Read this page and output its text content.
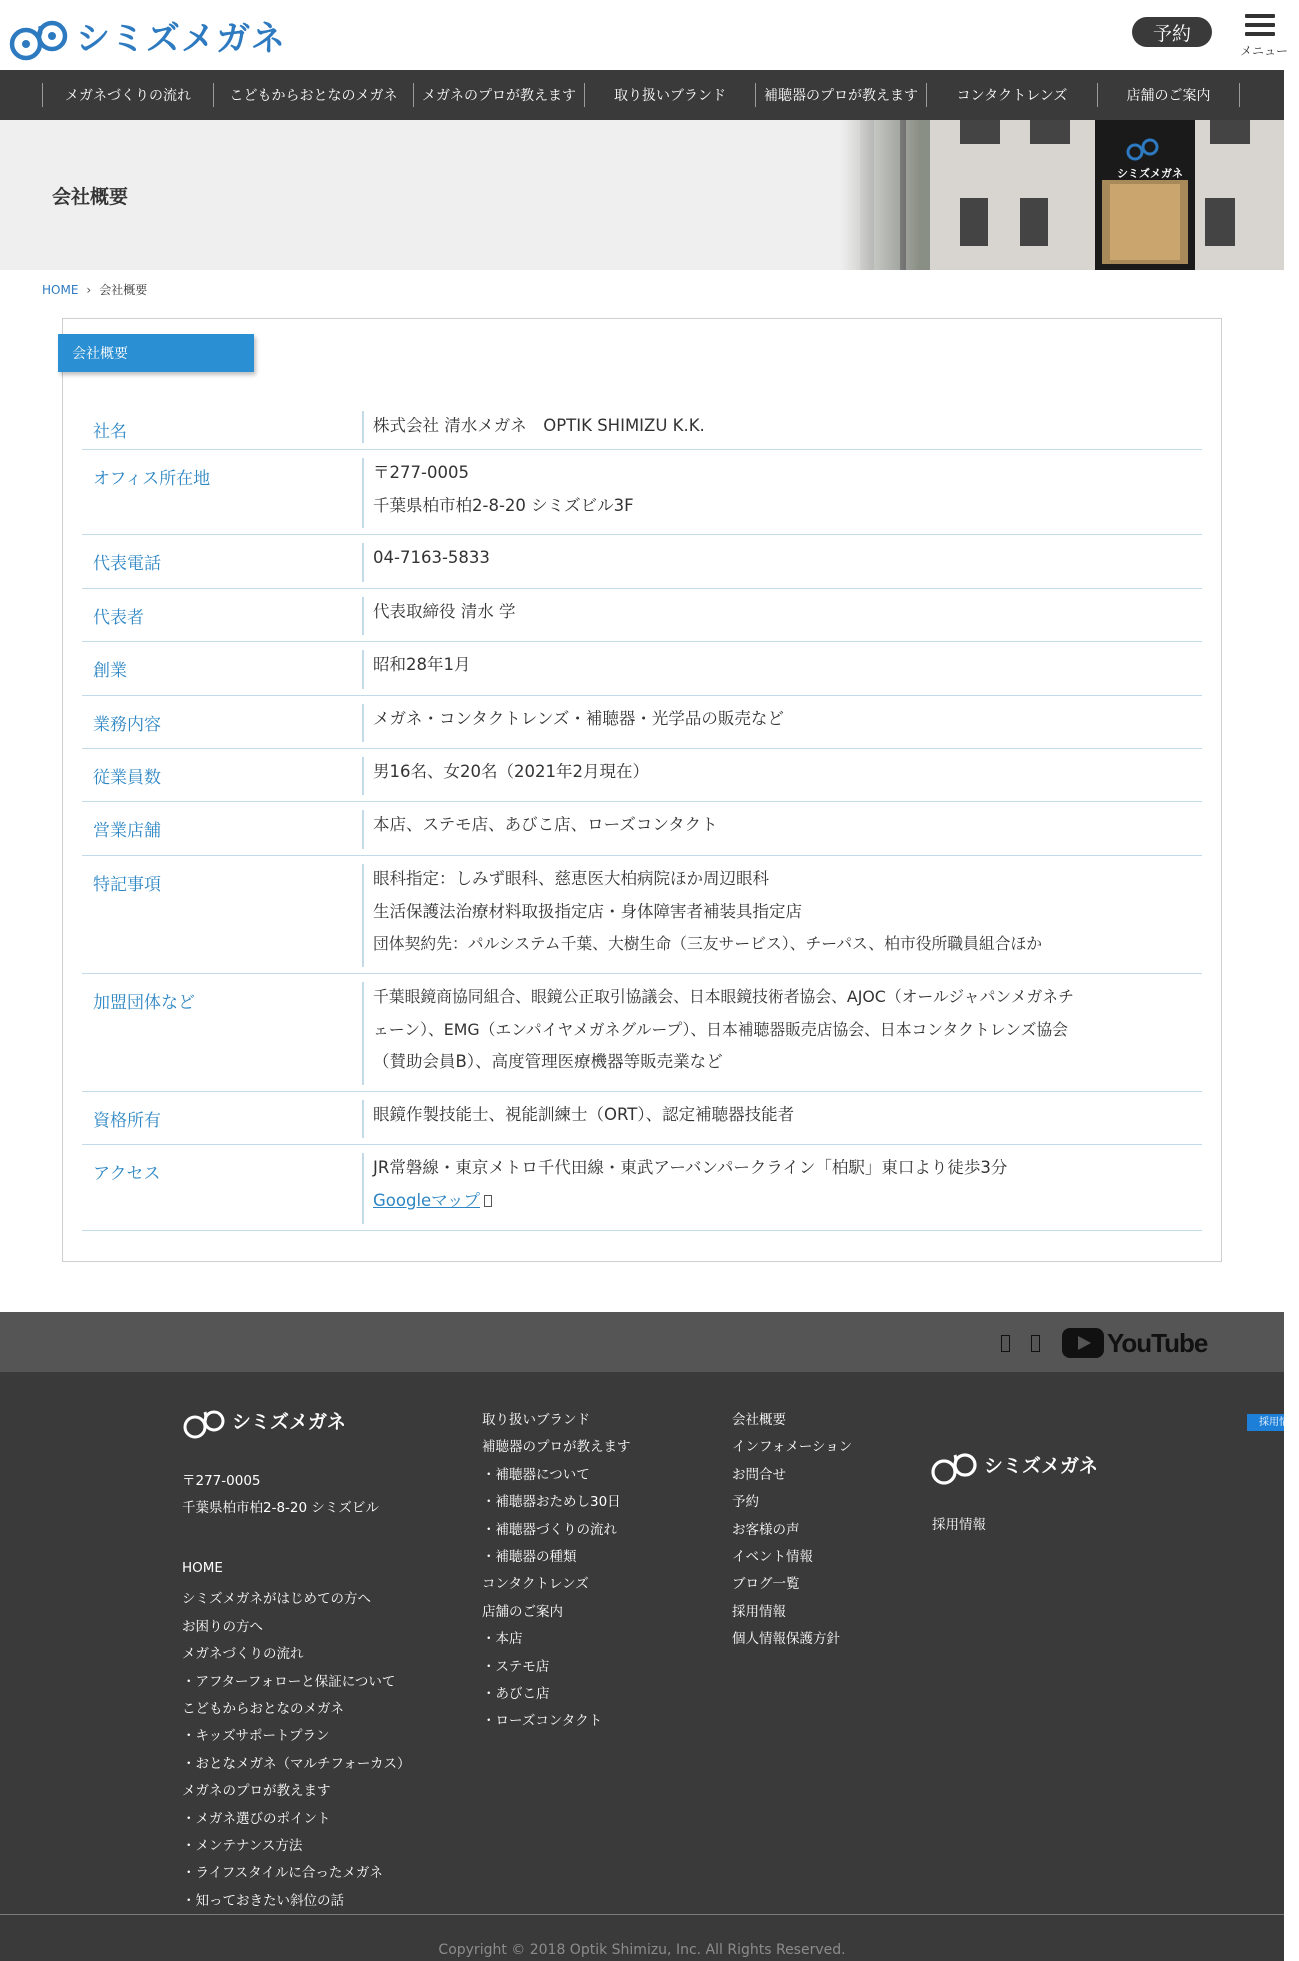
シミズメガネ	予約
メニュー
メガネづくりの流れ	こどもからおとなのメガネ	メガネのプロが教えます	取り扱いブランド	補聴器のプロが教えます	コンタクトレンズ	店舗のご案内
会社概要
シミズメガネ
HOME › 会社概要
会社概要
社名	株式会社 清水メガネ　OPTIK SHIMIZU K.K.
オフィス所在地	〒277-0005
千葉県柏市柏2-8-20 シミズビル3F
代表電話	04-7163-5833
代表者	代表取締役 清水 学
創業	昭和28年1月
業務内容	メガネ・コンタクトレンズ・補聴器・光学品の販売など
従業員数	男16名、女20名（2021年2月現在）
営業店舗	本店、ステモ店、あびこ店、ローズコンタクト
特記事項	眼科指定：しみず眼科、慈恵医大柏病院ほか周辺眼科
生活保護法治療材料取扱指定店・身体障害者補装具指定店
団体契約先：パルシステム千葉、大樹生命（三友サービス）、チーパス、柏市役所職員組合ほか
加盟団体など	千葉眼鏡商協同組合、眼鏡公正取引協議会、日本眼鏡技術者協会、AJOC（オールジャパンメガネチ
ェーン）、EMG（エンパイヤメガネグループ）、日本補聴器販売店協会、日本コンタクトレンズ協会
（賛助会員B）、高度管理医療機器等販売業など
資格所有	眼鏡作製技能士、視能訓練士（ORT）、認定補聴器技能者
アクセス	JR常磐線・東京メトロ千代田線・東武アーバンパークライン「柏駅」東口より徒歩3分
Googleマップ
YouTube
シミズメガネ
〒277-0005
千葉県柏市柏2-8-20 シミズビル
HOME
シミズメガネがはじめての方へ
お困りの方へ
メガネづくりの流れ
・アフターフォローと保証について
こどもからおとなのメガネ
・キッズサポートプラン
・おとなメガネ（マルチフォーカス）
メガネのプロが教えます
・メガネ選びのポイント
・メンテナンス方法
・ライフスタイルに合ったメガネ
・知っておきたい斜位の話
取り扱いブランド
補聴器のプロが教えます
・補聴器について
・補聴器おためし30日
・補聴器づくりの流れ
・補聴器の種類
コンタクトレンズ
店舗のご案内
・本店
・ステモ店
・あびこ店
・ローズコンタクト
会社概要
インフォメーション
お問合せ
予約
お客様の声
イベント情報
ブログ一覧
採用情報
個人情報保護方針
シミズメガネ
採用情報
採用情報
Copyright © 2018 Optik Shimizu, Inc. All Rights Reserved.
